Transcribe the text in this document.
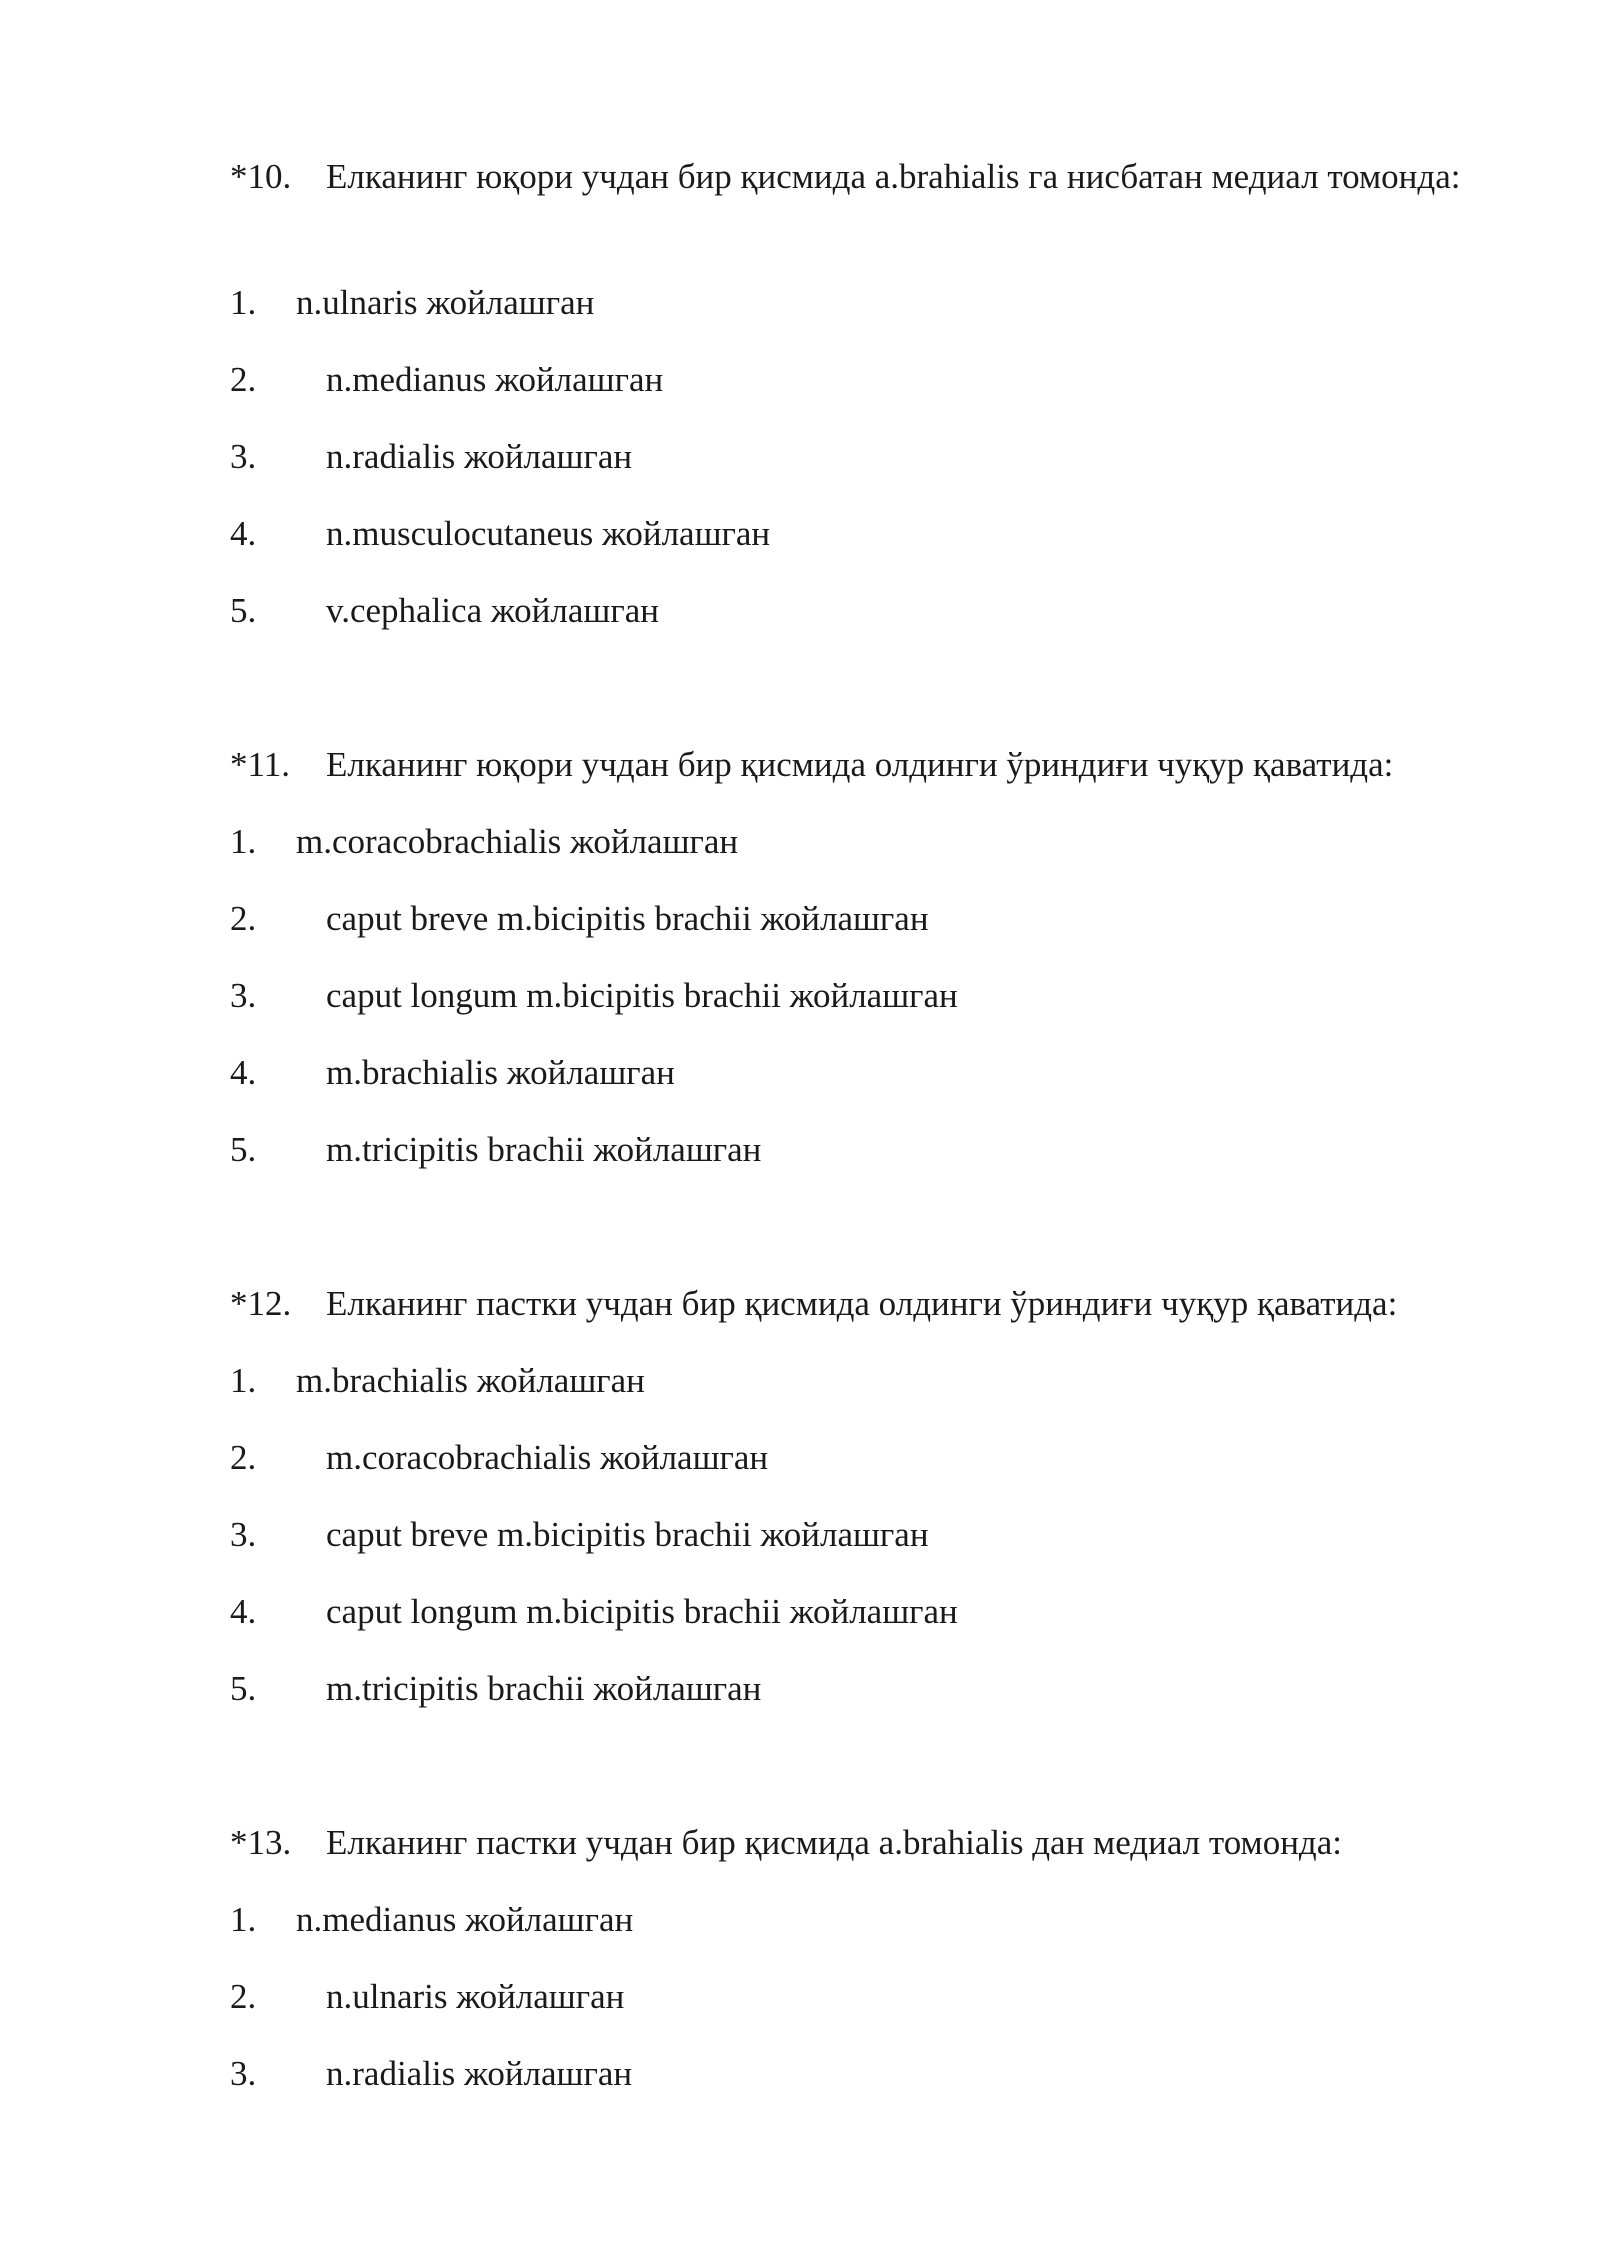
*10. Елканинг юқори учдан бир қисмида a.brahialis га нисбатан медиал томонда:
1. n.ulnaris жойлашган
2. n.medianus жойлашган
3. n.radialis жойлашган
4. n.musculocutaneus жойлашган
5. v.cephalica жойлашган
*11.	Елканинг юқори учдан бир қисмида олдинги ўриндиғи чуқур қаватида:
1. m.coracobrachialis жойлашган
2. caput breve m.bicipitis brachii жойлашган
3. caput longum m.bicipitis brachii жойлашган
4. m.brachialis жойлашган
5. m.tricipitis brachii жойлашган
*12. Елканинг пастки учдан бир қисмида олдинги ўриндиғи чуқур қаватида:
1. m.brachialis жойлашган
2. m.coracobrachialis жойлашган
3. caput breve m.bicipitis brachii жойлашган
4. caput longum m.bicipitis brachii жойлашган
5. m.tricipitis brachii жойлашган
*13. Елканинг пастки учдан бир қисмида a.brahialis дан медиал томонда:
1. n.medianus жойлашган
2. n.ulnaris жойлашган
3. n.radialis жойлашган
